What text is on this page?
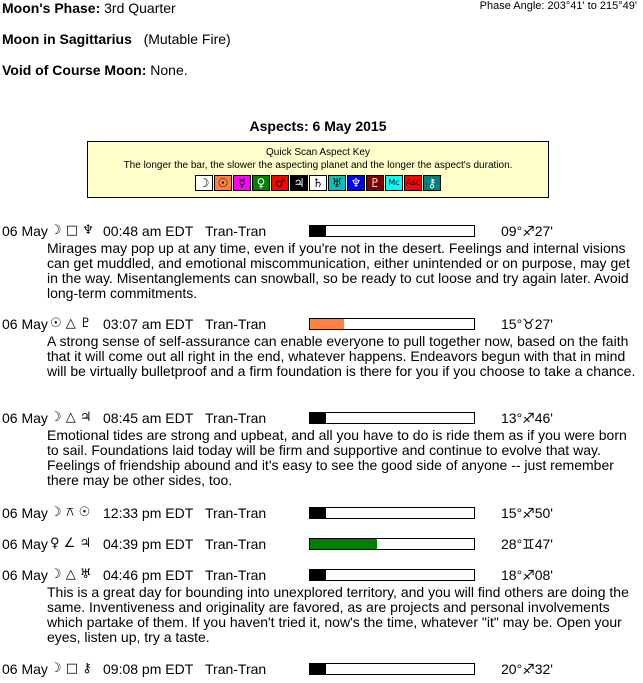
Moon's Phase: 3rd Quarter	Phase Angle: 203°41' to 215°49'
Moon in Sagittarius (Mutable Fire)
Void of Course Moon: None.
Aspects: 6 May 2015
Quick Scan Aspect Key
The longer the bar, the slower the aspecting planet and the longer the aspect's duration.
☽ ☉ ☿ ♀ ♂ ♃ ♄ ♅ ♆ ♇ Mc Asc ⚷
06 May ☽ □ ♆ 00:48 am EDT Tran-Tran	09°♐27'
Mirages may pop up at any time, even if you're not in the desert. Feelings and internal visions can get muddled, and emotional miscommunication, either unintended or on purpose, may get in the way. Misentanglements can snowball, so be ready to cut loose and try again later. Avoid long-term commitments.
06 May ☉ △ ♇ 03:07 am EDT Tran-Tran	15°♉27'
A strong sense of self-assurance can enable everyone to pull together now, based on the faith that it will come out all right in the end, whatever happens. Endeavors begun with that in mind will be virtually bulletproof and a firm foundation is there for you if you choose to take a chance.
06 May ☽ △ ♃ 08:45 am EDT Tran-Tran	13°♐46'
Emotional tides are strong and upbeat, and all you have to do is ride them as if you were born to sail. Foundations laid today will be firm and supportive and continue to evolve that way. Feelings of friendship abound and it's easy to see the good side of anyone -- just remember there may be other sides, too.
06 May ☽ ⚻ ☉ 12:33 pm EDT Tran-Tran	15°♐50'
06 May ♀ ∠ ♃ 04:39 pm EDT Tran-Tran	28°♊47'
06 May ☽ △ ♅ 04:46 pm EDT Tran-Tran	18°♐08'
This is a great day for bounding into unexplored territory, and you will find others are doing the same. Inventiveness and originality are favored, as are projects and personal involvements which partake of them. If you haven't tried it, now's the time, whatever "it" may be. Open your eyes, listen up, try a taste.
06 May ☽ □ ⚷ 09:08 pm EDT Tran-Tran	20°♐32'
